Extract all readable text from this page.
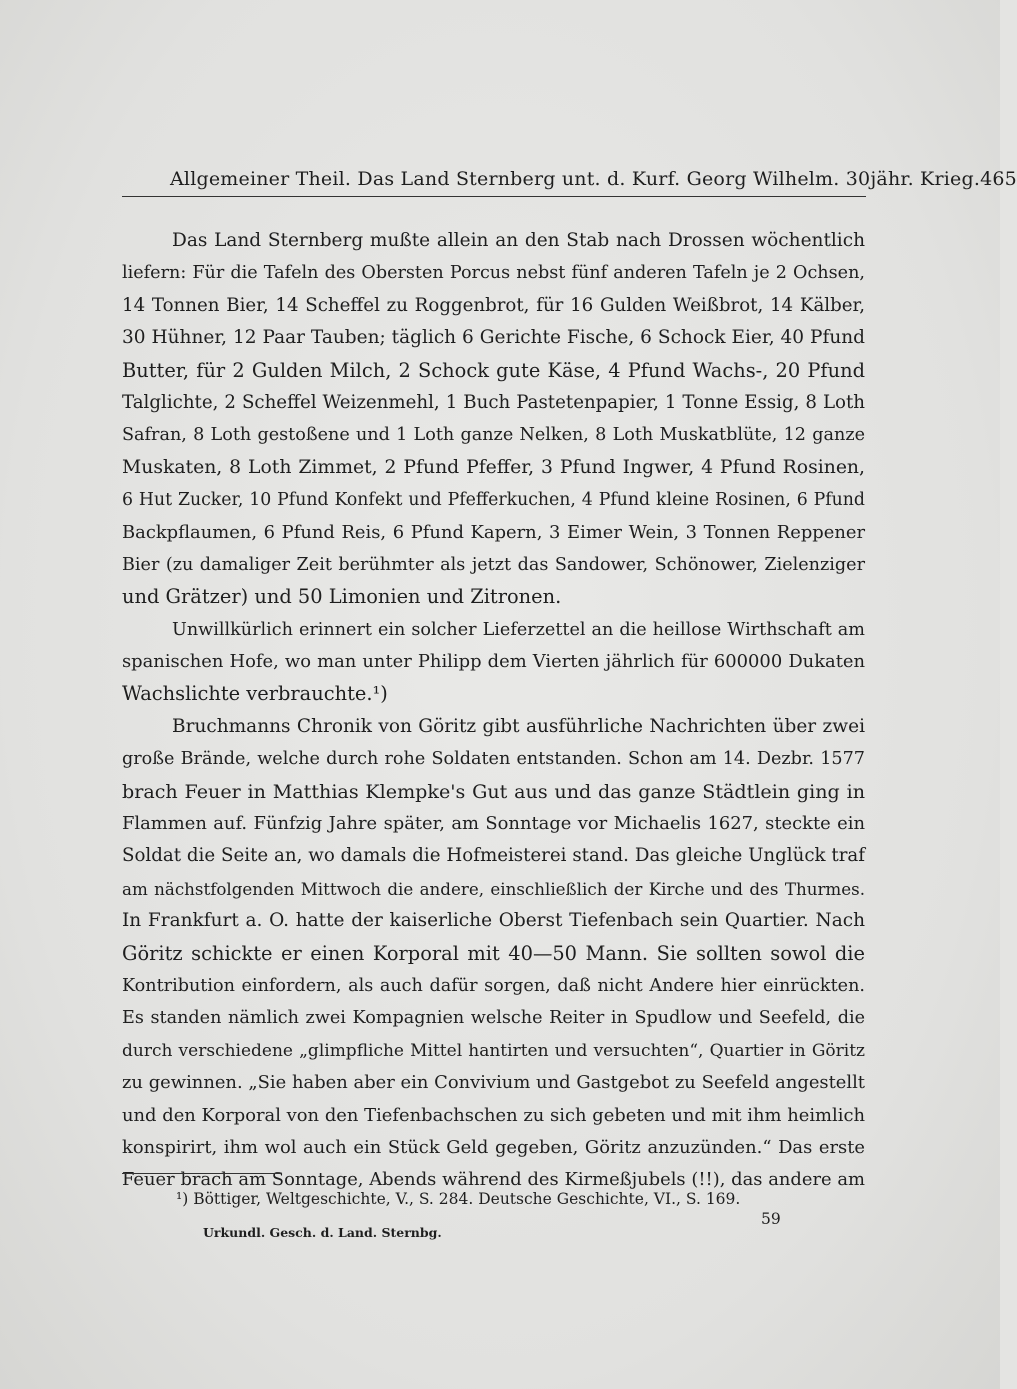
Allgemeiner Theil. Das Land Sternberg unt. d. Kurf. Georg Wilhelm. 30jähr. Krieg. 465
Das Land Sternberg mußte allein an den Stab nach Drossen wöchentlich
liefern: Für die Tafeln des Obersten Porcus nebst fünf anderen Tafeln je 2 Ochsen,
14 Tonnen Bier, 14 Scheffel zu Roggenbrot, für 16 Gulden Weißbrot, 14 Kälber,
30 Hühner, 12 Paar Tauben; täglich 6 Gerichte Fische, 6 Schock Eier, 40 Pfund
Butter, für 2 Gulden Milch, 2 Schock gute Käse, 4 Pfund Wachs-, 20 Pfund
Talglichte, 2 Scheffel Weizenmehl, 1 Buch Pastetenpapier, 1 Tonne Essig, 8 Loth
Safran, 8 Loth gestoßene und 1 Loth ganze Nelken, 8 Loth Muskatblüte, 12 ganze
Muskaten, 8 Loth Zimmet, 2 Pfund Pfeffer, 3 Pfund Ingwer, 4 Pfund Rosinen,
6 Hut Zucker, 10 Pfund Konfekt und Pfefferkuchen, 4 Pfund kleine Rosinen, 6 Pfund
Backpflaumen, 6 Pfund Reis, 6 Pfund Kapern, 3 Eimer Wein, 3 Tonnen Reppener
Bier (zu damaliger Zeit berühmter als jetzt das Sandower, Schönower, Zielenziger
und Grätzer) und 50 Limonien und Zitronen.
Unwillkürlich erinnert ein solcher Lieferzettel an die heillose Wirthschaft am
spanischen Hofe, wo man unter Philipp dem Vierten jährlich für 600000 Dukaten
Wachslichte verbrauchte.¹)
Bruchmanns Chronik von Göritz gibt ausführliche Nachrichten über zwei
große Brände, welche durch rohe Soldaten entstanden. Schon am 14. Dezbr. 1577
brach Feuer in Matthias Klempke's Gut aus und das ganze Städtlein ging in
Flammen auf. Fünfzig Jahre später, am Sonntage vor Michaelis 1627, steckte ein
Soldat die Seite an, wo damals die Hofmeisterei stand. Das gleiche Unglück traf
am nächstfolgenden Mittwoch die andere, einschließlich der Kirche und des Thurmes.
In Frankfurt a. O. hatte der kaiserliche Oberst Tiefenbach sein Quartier. Nach
Göritz schickte er einen Korporal mit 40—50 Mann. Sie sollten sowol die
Kontribution einfordern, als auch dafür sorgen, daß nicht Andere hier einrückten.
Es standen nämlich zwei Kompagnien welsche Reiter in Spudlow und Seefeld, die
durch verschiedene „glimpfliche Mittel hantirten und versuchten“, Quartier in Göritz
zu gewinnen. „Sie haben aber ein Convivium und Gastgebot zu Seefeld angestellt
und den Korporal von den Tiefenbachschen zu sich gebeten und mit ihm heimlich
konspirirt, ihm wol auch ein Stück Geld gegeben, Göritz anzuzünden.“ Das erste
Feuer brach am Sonntage, Abends während des Kirmeßjubels (!!), das andere am
¹) Böttiger, Weltgeschichte, V., S. 284. Deutsche Geschichte, VI., S. 169.
59
Urkundl. Gesch. d. Land. Sternbg.
